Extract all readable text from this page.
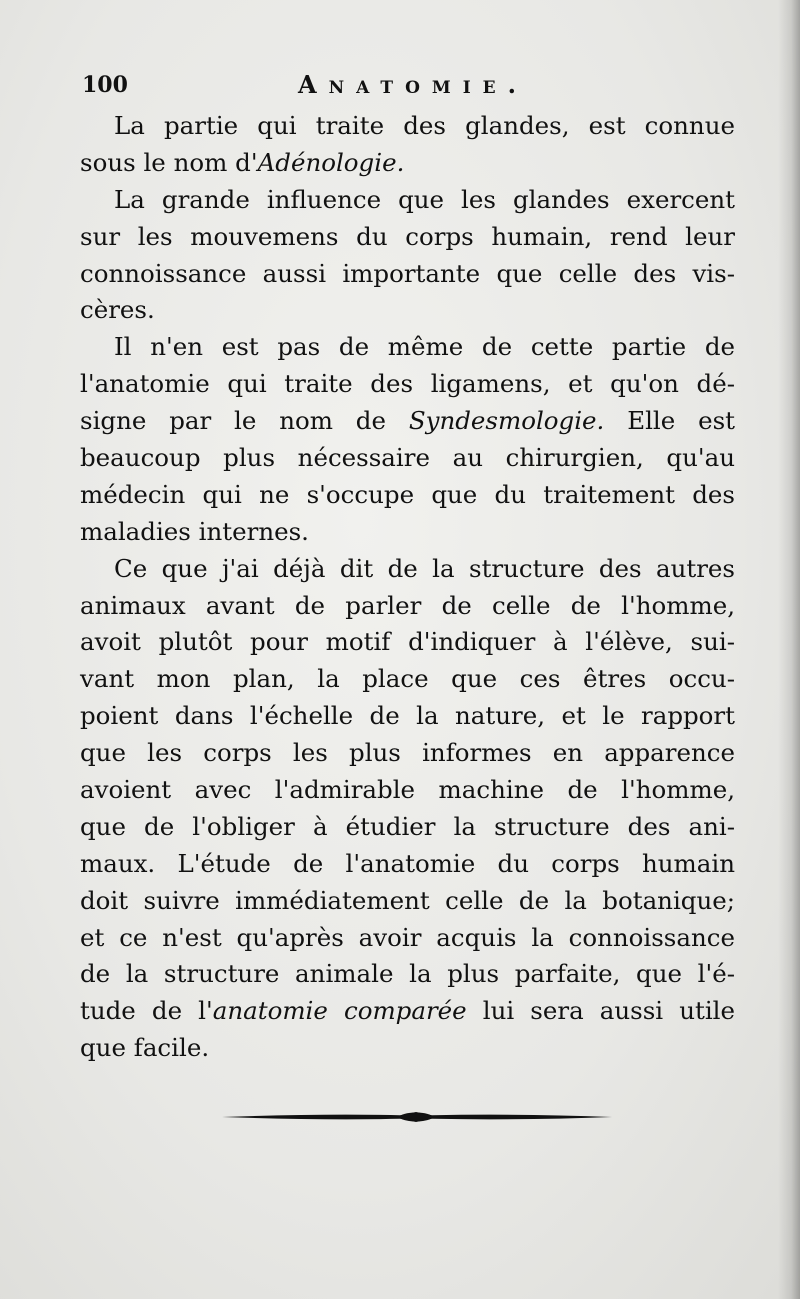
100	Anatomie.
La partie qui traite des glandes, est connue
sous le nom d'Adénologie.
La grande influence que les glandes exercent
sur les mouvemens du corps humain, rend leur
connoissance aussi importante que celle des vis-
cères.
Il n'en est pas de même de cette partie de
l'anatomie qui traite des ligamens, et qu'on dé-
signe par le nom de Syndesmologie. Elle est
beaucoup plus nécessaire au chirurgien, qu'au
médecin qui ne s'occupe que du traitement des
maladies internes.
Ce que j'ai déjà dit de la structure des autres
animaux avant de parler de celle de l'homme,
avoit plutôt pour motif d'indiquer à l'élève, sui-
vant mon plan, la place que ces êtres occu-
poient dans l'échelle de la nature, et le rapport
que les corps les plus informes en apparence
avoient avec l'admirable machine de l'homme,
que de l'obliger à étudier la structure des ani-
maux. L'étude de l'anatomie du corps humain
doit suivre immédiatement celle de la botanique;
et ce n'est qu'après avoir acquis la connoissance
de la structure animale la plus parfaite, que l'é-
tude de l'anatomie comparée lui sera aussi utile
que facile.
